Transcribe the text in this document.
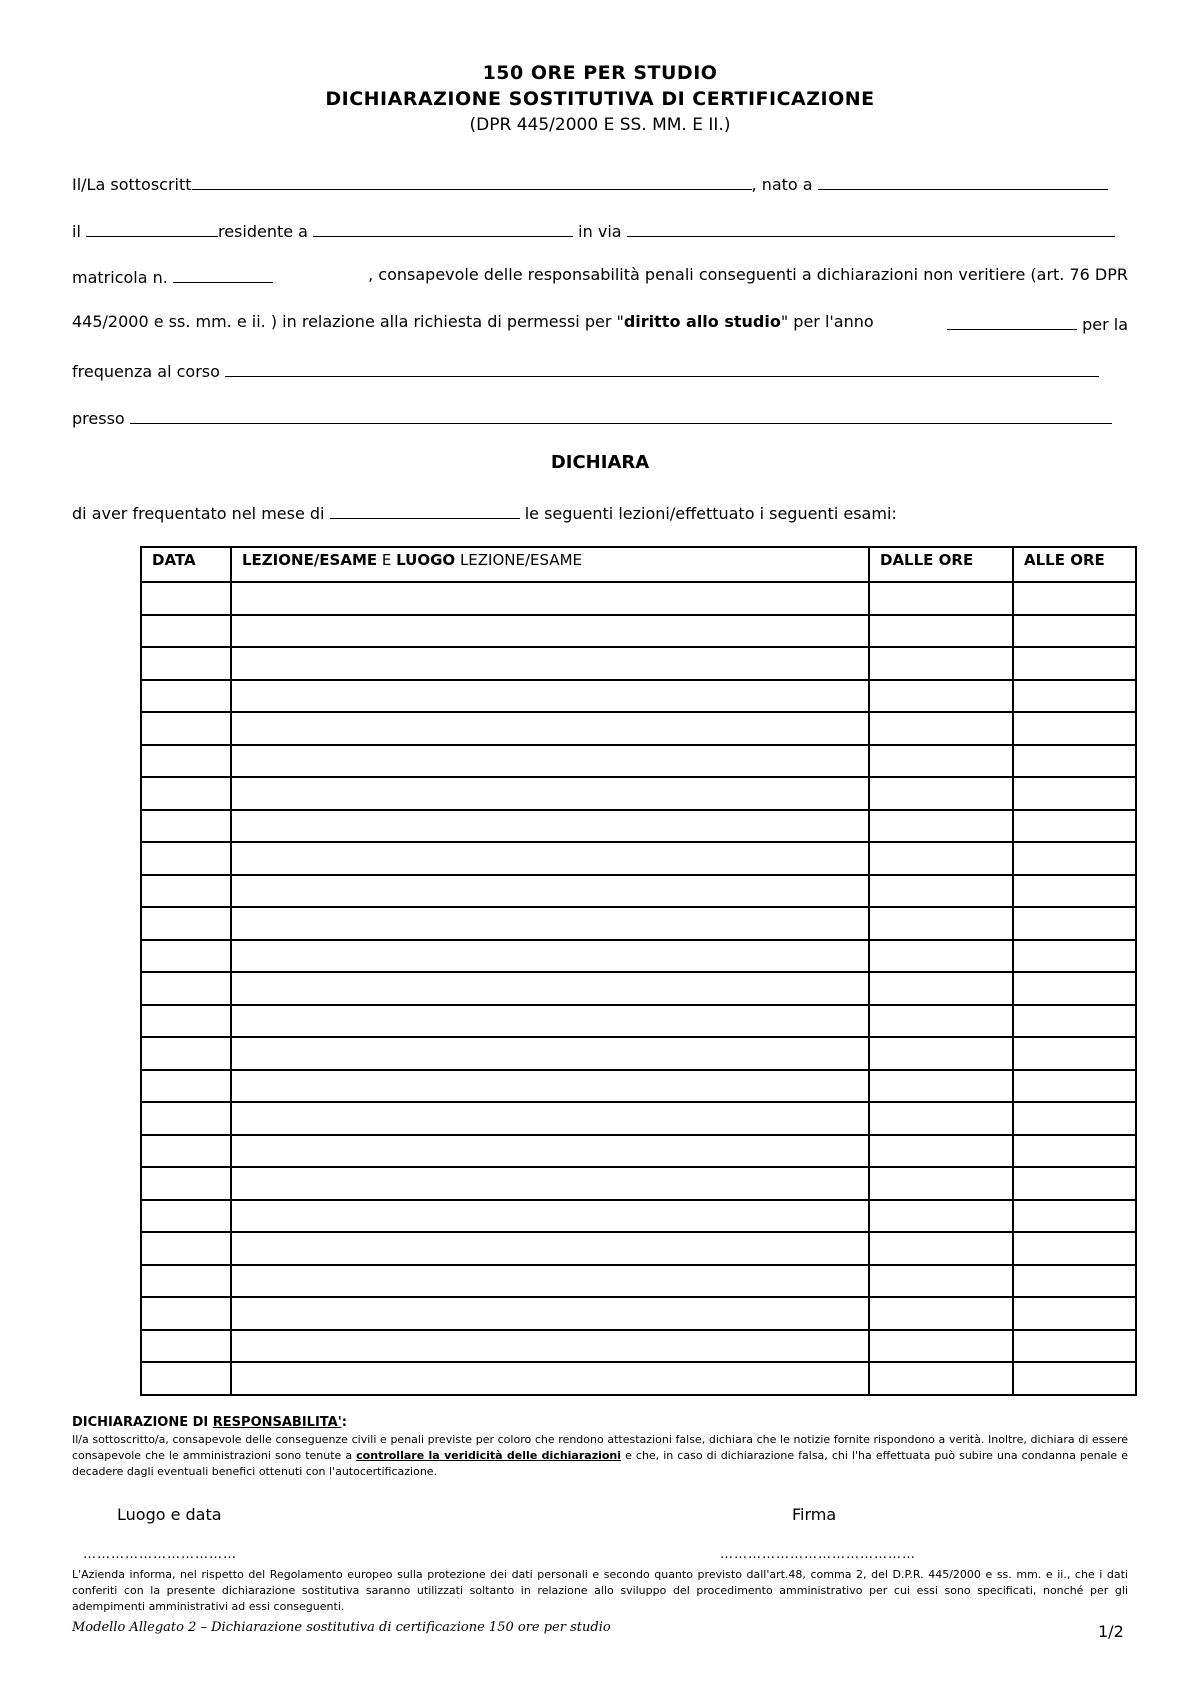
150 ORE PER STUDIO
DICHIARAZIONE SOSTITUTIVA DI CERTIFICAZIONE
(DPR 445/2000 E SS. MM. E II.)
Il/La sottoscritt	, nato a
il	residente a	in via
matricola n.	, consapevole delle responsabilità penali conseguenti a dichiarazioni non veritiere (art. 76 DPR
445/2000 e ss. mm. e ii. ) in relazione alla richiesta di permessi per "diritto allo studio" per l'anno	per la
frequenza al corso
presso
DICHIARA
di aver frequentato nel mese di	le seguenti lezioni/effettuato i seguenti esami:
DATA	LEZIONE/ESAME E LUOGO LEZIONE/ESAME	DALLE ORE	ALLE ORE

DICHIARAZIONE DI RESPONSABILITA':
Il/a sottoscritto/a, consapevole delle conseguenze civili e penali previste per coloro che rendono attestazioni false, dichiara che le notizie fornite rispondono a verità. Inoltre, dichiara di essere consapevole che le amministrazioni sono tenute a controllare la veridicità delle dichiarazioni e che, in caso di dichiarazione falsa, chi l'ha effettuata può subire una condanna penale e decadere dagli eventuali benefici ottenuti con l'autocertificazione.
Luogo e data	Firma
……………………………	……………………………………
L'Azienda informa, nel rispetto del Regolamento europeo sulla protezione dei dati personali e secondo quanto previsto dall'art.48, comma 2, del D.P.R. 445/2000 e ss. mm. e ii., che i dati conferiti con la presente dichiarazione sostitutiva saranno utilizzati soltanto in relazione allo sviluppo del procedimento amministrativo per cui essi sono specificati, nonché per gli adempimenti amministrativi ad essi conseguenti.
Modello Allegato 2 – Dichiarazione sostitutiva di certificazione 150 ore per studio	1/2
